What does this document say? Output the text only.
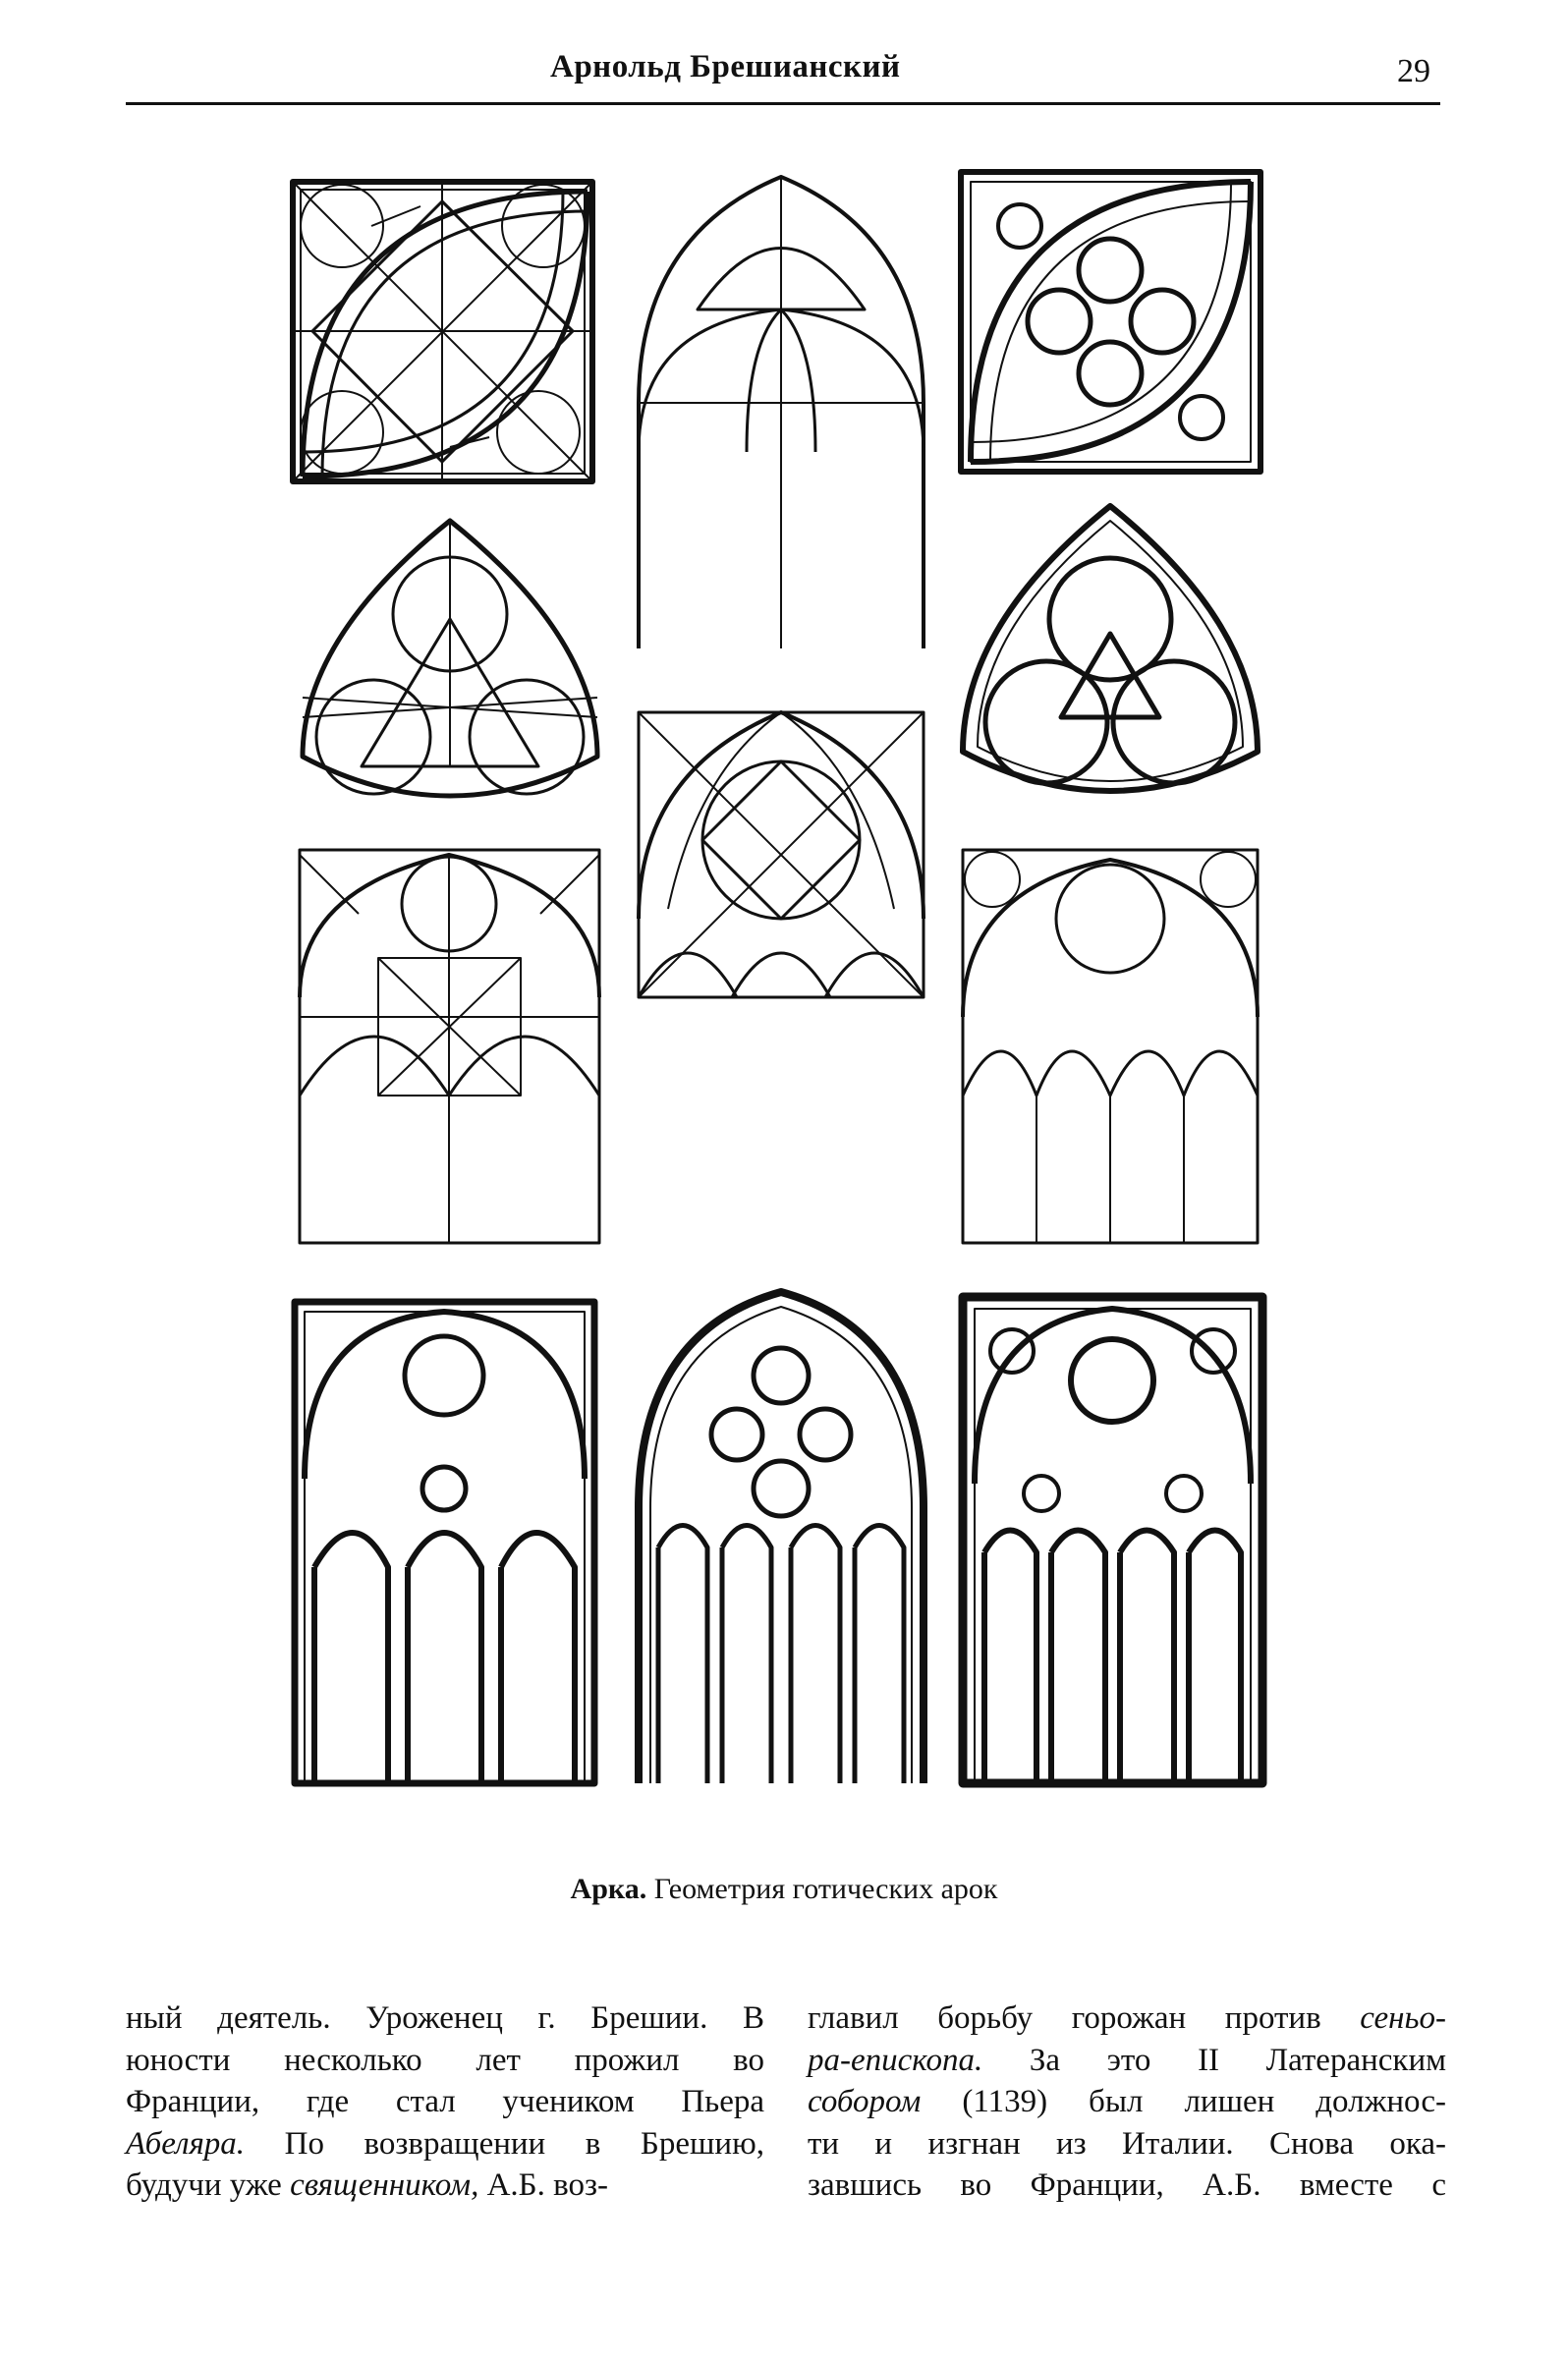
Арнольд Брешианский	29
Арка. Геометрия готических арок
ный деятель. Уроженец г. Брешии. В
юности несколько лет прожил во
Франции, где стал учеником Пьера
Абеляра. По возвращении в Брешию,
будучи уже священником, А.Б. воз-
главил борьбу горожан против сеньо-
ра-епископа. За это II Латеранским
собором (1139) был лишен должнос-
ти и изгнан из Италии. Снова ока-
завшись во Франции, А.Б. вместе с
